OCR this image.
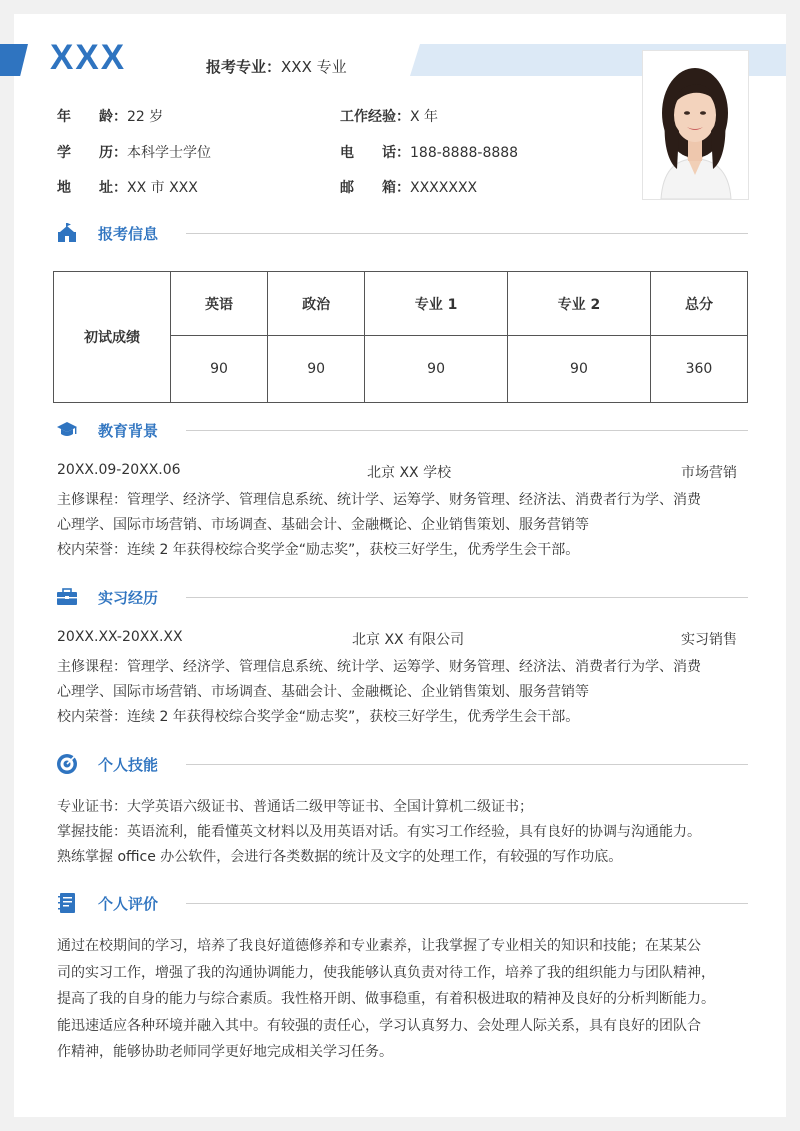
XXX	报考专业：XXX 专业
年　　龄：22 岁	工作经验：X 年
学　　历：本科学士学位	电　　话：188-8888-8888
地　　址：XX 市 XXX	邮　　箱：XXXXXXX
报考信息
初试成绩	英语	政治	专业 1	专业 2	总分
	90	90	90	90	360
教育背景
20XX.09-20XX.06	北京 XX 学校	市场营销
主修课程：管理学、经济学、管理信息系统、统计学、运筹学、财务管理、经济法、消费者行为学、消费
心理学、国际市场营销、市场调查、基础会计、金融概论、企业销售策划、服务营销等
校内荣誉：连续 2 年获得校综合奖学金“励志奖”，获校三好学生，优秀学生会干部。
实习经历
20XX.XX-20XX.XX	北京 XX 有限公司	实习销售
主修课程：管理学、经济学、管理信息系统、统计学、运筹学、财务管理、经济法、消费者行为学、消费
心理学、国际市场营销、市场调查、基础会计、金融概论、企业销售策划、服务营销等
校内荣誉：连续 2 年获得校综合奖学金“励志奖”，获校三好学生，优秀学生会干部。
个人技能
专业证书：大学英语六级证书、普通话二级甲等证书、全国计算机二级证书；
掌握技能：英语流利，能看懂英文材料以及用英语对话。有实习工作经验，具有良好的协调与沟通能力。
熟练掌握 office 办公软件，会进行各类数据的统计及文字的处理工作，有较强的写作功底。
个人评价
通过在校期间的学习，培养了我良好道德修养和专业素养，让我掌握了专业相关的知识和技能；在某某公
司的实习工作，增强了我的沟通协调能力，使我能够认真负责对待工作，培养了我的组织能力与团队精神，
提高了我的自身的能力与综合素质。我性格开朗、做事稳重，有着积极进取的精神及良好的分析判断能力。
能迅速适应各种环境并融入其中。有较强的责任心，学习认真努力、会处理人际关系，具有良好的团队合
作精神，能够协助老师同学更好地完成相关学习任务。
